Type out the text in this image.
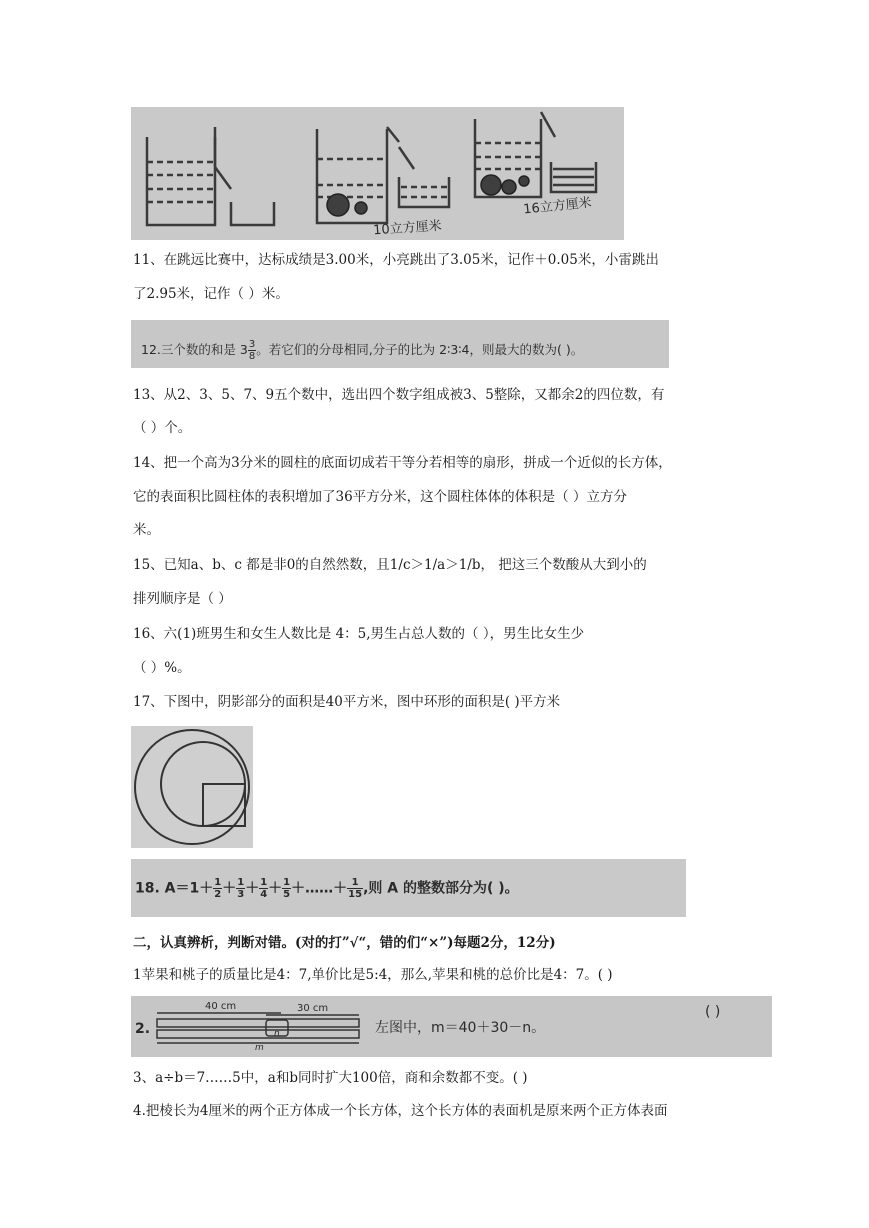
10立方厘米
16立方厘米
11、在跳远比赛中，达标成绩是3.00米，小亮跳出了3.05米，记作＋0.05米，小雷跳出
了2.95米，记作（ ）米。
12.三个数的和是 $3 \frac{3}{8}$ 。若它们的分母相同,分子的比为 2∶3∶4，则最大的数为( )。
13、从2、3、5、7、9五个数中，选出四个数字组成被3、5整除，又都余2的四位数，有
（ ）个。
14、把一个高为3分米的圆柱的底面切成若干等分若相等的扇形，拼成一个近似的长方体，
它的表面积比圆柱体的表积增加了36平方分米，这个圆柱体体的体积是（ ）立方分
米。
15、已知a、b、c 都是非0的自然然数，且1/c＞1/a＞1/b， 把这三个数酸从大到小的
排列顺序是（ ）
16、六(1)班男生和女生人数比是 4：5,男生占总人数的（ ），男生比女生少
（ ）%。
17、下图中，阴影部分的面积是40平方米，图中环形的面积是( )平方米
18. $A=1+ \frac{1}{2} + \frac{1}{3} + \frac{1}{4} + \frac{1}{5}$ ＋……＋ $\frac{1}{15}$ ,则 A 的整数部分为( )。
二，认真辨析，判断对错。(对的打”√“，错的们“×”)每题2分，12分)
1苹果和桃子的质量比是4：7,单价比是5:4，那么,苹果和桃的总价比是4：7。( )
2.
40 cm	30 cm
n
m
左图中，m＝40＋30－n。
( )
3、a÷b＝7……5中，a和b同时扩大100倍，商和余数都不变。( )
4.把棱长为4厘米的两个正方体成一个长方体，这个长方体的表面机是原来两个正方体表面
